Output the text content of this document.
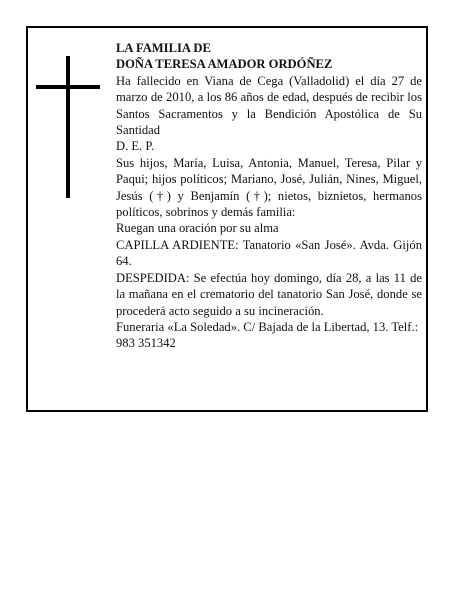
LA FAMILIA DE
DOÑA TERESA AMADOR ORDÓÑEZ

Ha fallecido en Viana de Cega (Valladolid) el día 27 de marzo de 2010, a los 86 años de edad, después de recibir los Santos Sacramentos y la Bendición Apostólica de Su Santidad

D. E. P.

Sus hijos, María, Luisa, Antonia, Manuel, Teresa, Pilar y Paqui; hijos políticos; Mariano, José, Julián, Nines, Miguel, Jesús (†) y Benjamín (†); nietos, biznietos, hermanos políticos, sobrinos y demás familia:

Ruegan una oración por su alma

CAPILLA ARDIENTE: Tanatorio «San José». Avda. Gijón 64.

DESPEDIDA: Se efectúa hoy domingo, día 28, a las 11 de la mañana en el crematorio del tanatorio San José, donde se procederá acto seguido a su incineración.

Funeraria «La Soledad». C/ Bajada de la Libertad, 13. Telf.: 983 351342
